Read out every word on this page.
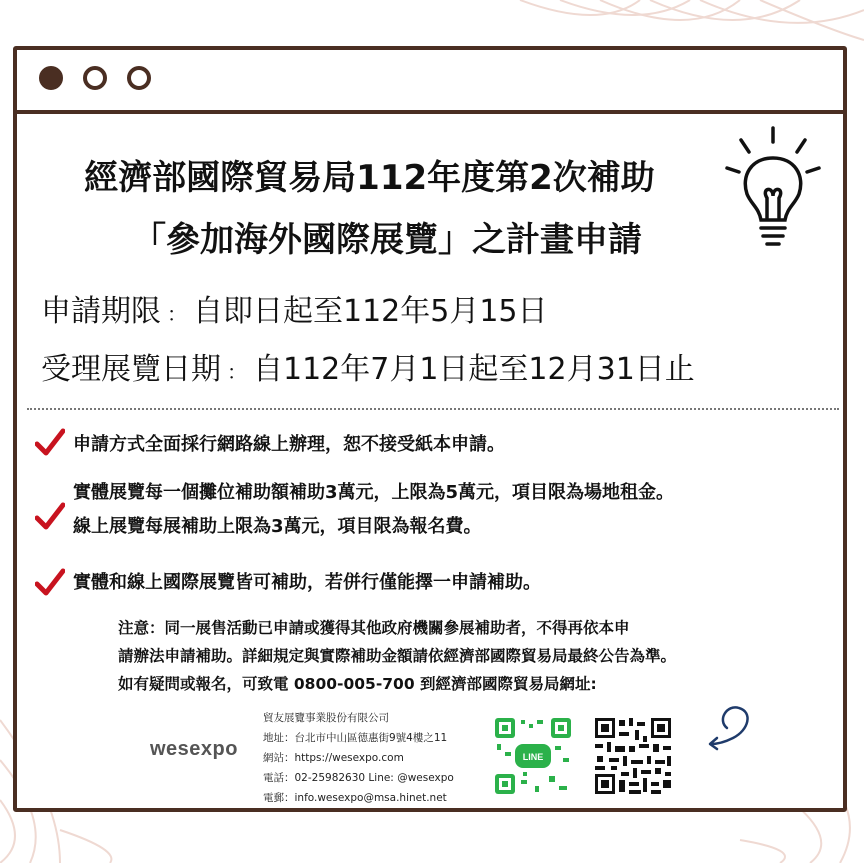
經濟部國際貿易局112年度第2次補助
「參加海外國際展覽」之計畫申請
申請期限 ： 自即日起至112年5月15日
受理展覽日期 ： 自112年7月1日起至12月31日止
申請方式全面採行網路線上辦理，恕不接受紙本申請。
實體展覽每一個攤位補助額補助3萬元，上限為5萬元，項目限為場地租金。
線上展覽每展補助上限為3萬元，項目限為報名費。
實體和線上國際展覽皆可補助，若併行僅能擇一申請補助。
注意：同一展售活動已申請或獲得其他政府機關參展補助者，不得再依本申
請辦法申請補助。詳細規定與實際補助金額請依經濟部國際貿易局最終公告為準。
如有疑問或報名，可致電 0800-005-700 到經濟部國際貿易局網址:
wesexpo
貿友展覽事業股份有限公司
地址：台北市中山區德惠街9號4樓之11
網站：https://wesexpo.com
電話：02-25982630 Line: @wesexpo
電郵：info.wesexpo@msa.hinet.net
LINE
